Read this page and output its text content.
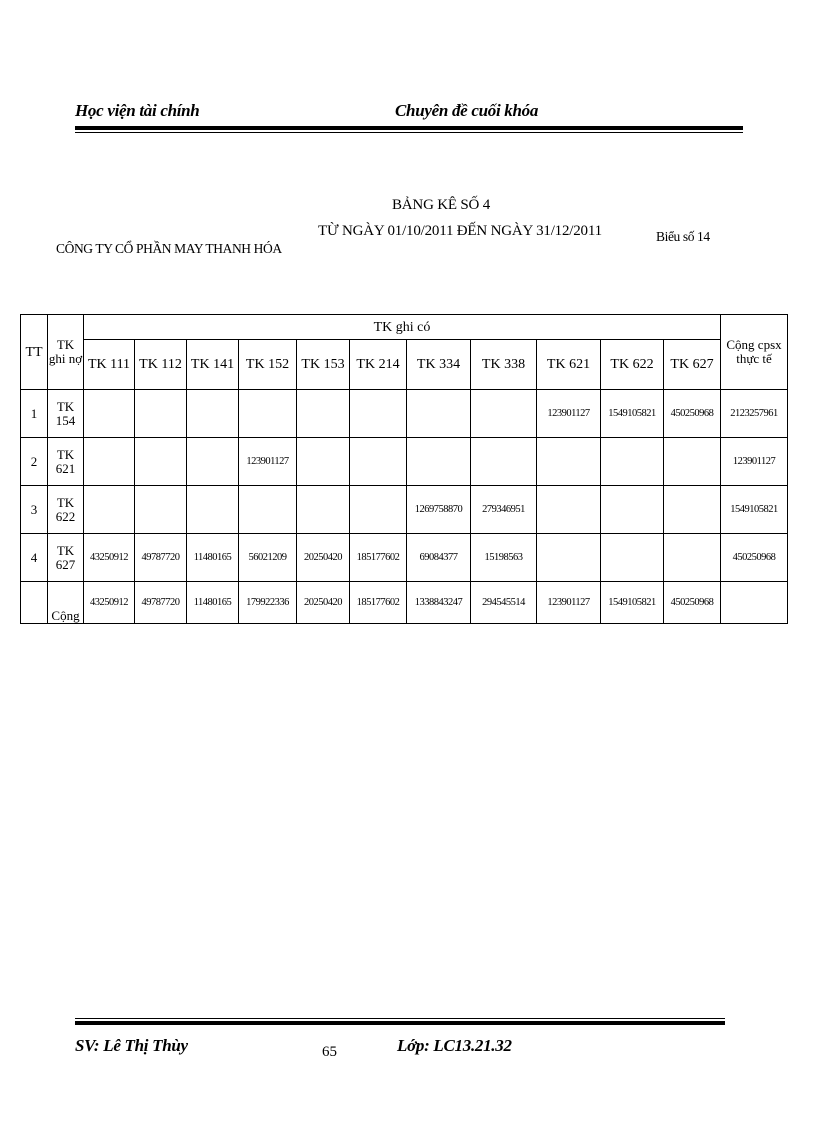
Học viện tài chính	Chuyên đề cuối khóa
BẢNG KÊ SỐ 4
TỪ NGÀY 01/10/2011 ĐẾN NGÀY 31/12/2011
CÔNG TY CỔ PHẦN MAY THANH HÓA
Biểu số 14
TT	TK ghi nợ	TK ghi có											Cộng cpsx thực tế
		TK 111	TK 112	TK 141	TK 152	TK 153	TK 214	TK 334	TK 338	TK 621	TK 622	TK 627	
1	TK 154									123901127	1549105821	450250968	2123257961
2	TK 621				123901127								123901127
3	TK 622							1269758870	279346951				1549105821
4	TK 627	43250912	49787720	11480165	56021209	20250420	185177602	69084377	15198563				450250968
	Cộng	43250912	49787720	11480165	179922336	20250420	185177602	1338843247	294545514	123901127	1549105821	450250968	
SV: Lê Thị Thùy	65	Lớp: LC13.21.32
